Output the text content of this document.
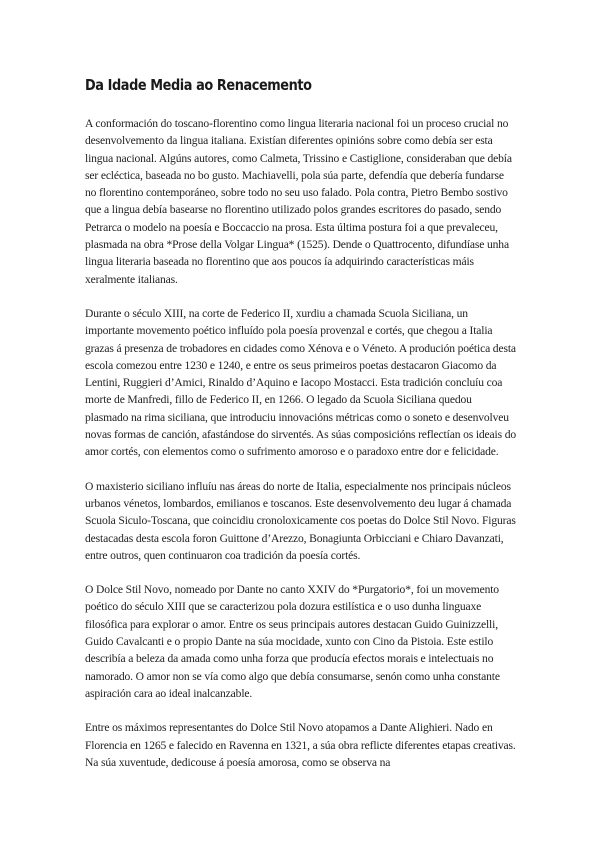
Da Idade Media ao Renacemento

A conformación do toscano-florentino como lingua literaria nacional foi un proceso crucial no desenvolvemento da lingua italiana. Existían diferentes opinións sobre como debía ser esta lingua nacional. Algúns autores, como Calmeta, Trissino e Castiglione, consideraban que debía ser ecléctica, baseada no bo gusto. Machiavelli, pola súa parte, defendía que debería fundarse no florentino contemporáneo, sobre todo no seu uso falado. Pola contra, Pietro Bembo sostivo que a lingua debía basearse no florentino utilizado polos grandes escritores do pasado, sendo Petrarca o modelo na poesía e Boccaccio na prosa. Esta última postura foi a que prevaleceu, plasmada na obra *Prose della Volgar Lingua* (1525). Dende o Quattrocento, difundíase unha lingua literaria baseada no florentino que aos poucos ía adquirindo características máis xeralmente italianas.

Durante o século XIII, na corte de Federico II, xurdiu a chamada Scuola Siciliana, un importante movemento poético influído pola poesía provenzal e cortés, que chegou a Italia grazas á presenza de trobadores en cidades como Xénova e o Véneto. A produción poética desta escola comezou entre 1230 e 1240, e entre os seus primeiros poetas destacaron Giacomo da Lentini, Ruggieri d’Amici, Rinaldo d’Aquino e Iacopo Mostacci. Esta tradición concluíu coa morte de Manfredi, fillo de Federico II, en 1266. O legado da Scuola Siciliana quedou plasmado na rima siciliana, que introduciu innovacións métricas como o soneto e desenvolveu novas formas de canción, afastándose do sirventés. As súas composicións reflectían os ideais do amor cortés, con elementos como o sufrimento amoroso e o paradoxo entre dor e felicidade.

O maxisterio siciliano influíu nas áreas do norte de Italia, especialmente nos principais núcleos urbanos vénetos, lombardos, emilianos e toscanos. Este desenvolvemento deu lugar á chamada Scuola Siculo-Toscana, que coincidiu cronoloxicamente cos poetas do Dolce Stil Novo. Figuras destacadas desta escola foron Guittone d’Arezzo, Bonagiunta Orbicciani e Chiaro Davanzati, entre outros, quen continuaron coa tradición da poesía cortés.

O Dolce Stil Novo, nomeado por Dante no canto XXIV do *Purgatorio*, foi un movemento poético do século XIII que se caracterizou pola dozura estilística e o uso dunha linguaxe filosófica para explorar o amor. Entre os seus principais autores destacan Guido Guinizzelli, Guido Cavalcanti e o propio Dante na súa mocidade, xunto con Cino da Pistoia. Este estilo describía a beleza da amada como unha forza que producía efectos morais e intelectuais no namorado. O amor non se vía como algo que debía consumarse, senón como unha constante aspiración cara ao ideal inalcanzable.

Entre os máximos representantes do Dolce Stil Novo atopamos a Dante Alighieri. Nado en Florencia en 1265 e falecido en Ravenna en 1321, a súa obra reflicte diferentes etapas creativas. Na súa xuventude, dedicouse á poesía amorosa, como se observa na
